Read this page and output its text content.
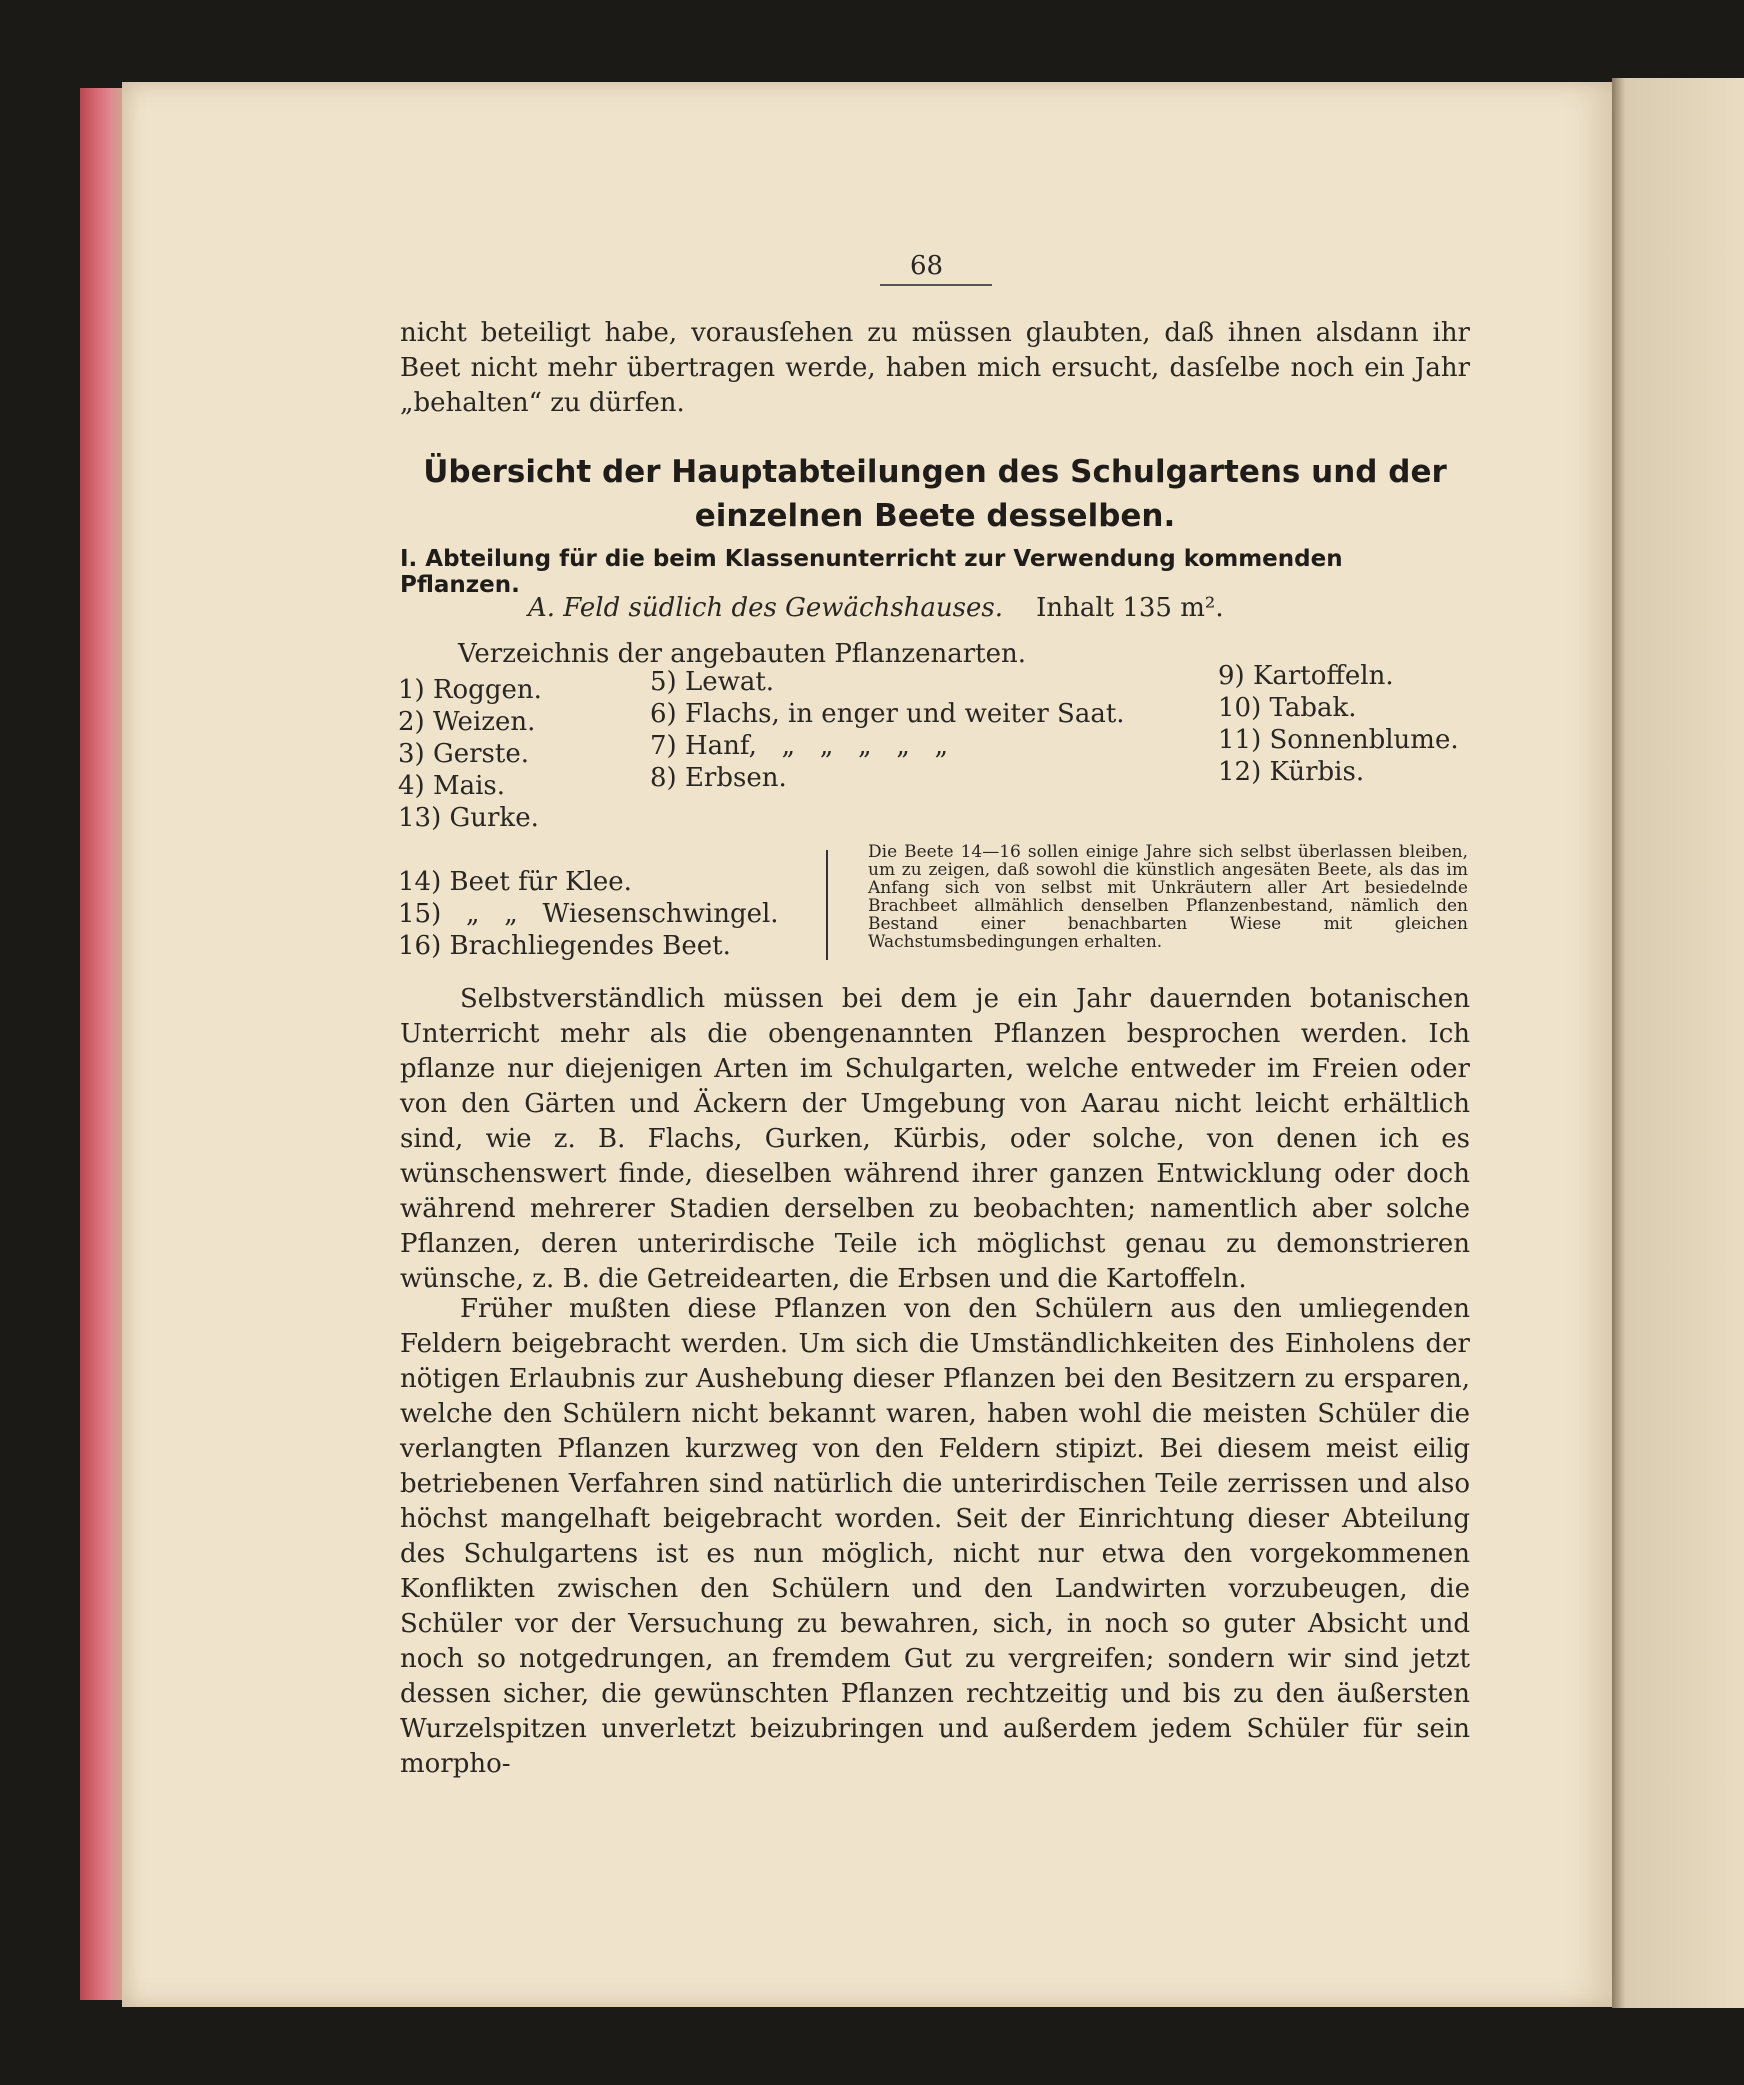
68
nicht beteiligt habe, vorausſehen zu müssen glaubten, daß ihnen alsdann ihr Beet nicht mehr übertragen werde, haben mich ersucht, dasſelbe noch ein Jahr „behalten“ zu dürfen.
Übersicht der Hauptabteilungen des Schulgartens und der
einzelnen Beete desselben.
I. Abteilung für die beim Klassenunterricht zur Verwendung kommenden Pflanzen.
A. Feld südlich des Gewächshauses. Inhalt 135 m².
Verzeichnis der angebauten Pflanzenarten.
1) Roggen.
2) Weizen.
3) Gerste.
4) Mais.
13) Gurke.
5) Lewat.
6) Flachs, in enger und weiter Saat.
7) Hanf,   „   „   „   „   „
8) Erbsen.
9) Kartoffeln.
10) Tabak.
11) Sonnenblume.
12) Kürbis.
14) Beet für Klee.
15)   „   „   Wiesenschwingel.
16) Brachliegendes Beet.
Die Beete 14—16 sollen einige Jahre sich selbst überlassen bleiben, um zu zeigen, daß sowohl die künstlich angesäten Beete, als das im Anfang sich von selbst mit Unkräutern aller Art besiedelnde Brachbeet allmählich denselben Pflanzenbestand, nämlich den Bestand einer benachbarten Wiese mit gleichen Wachstumsbedingungen erhalten.
Selbstverständlich müssen bei dem je ein Jahr dauernden botanischen Unterricht mehr als die obengenannten Pflanzen besprochen werden. Ich pflanze nur diejenigen Arten im Schulgarten, welche entweder im Freien oder von den Gärten und Äckern der Umgebung von Aarau nicht leicht erhältlich sind, wie z. B. Flachs, Gurken, Kürbis, oder solche, von denen ich es wünschenswert finde, dieselben während ihrer ganzen Entwicklung oder doch während mehrerer Stadien derselben zu beobachten; namentlich aber solche Pflanzen, deren unterirdische Teile ich möglichst genau zu demonstrieren wünsche, z. B. die Getreidearten, die Erbsen und die Kartoffeln.
Früher mußten diese Pflanzen von den Schülern aus den umliegenden Feldern beigebracht werden. Um sich die Umständlichkeiten des Einholens der nötigen Erlaubnis zur Aushebung dieser Pflanzen bei den Besitzern zu ersparen, welche den Schülern nicht bekannt waren, haben wohl die meisten Schüler die verlangten Pflanzen kurzweg von den Feldern stipizt. Bei diesem meist eilig betriebenen Verfahren sind natürlich die unterirdischen Teile zerrissen und also höchst mangelhaft beigebracht worden. Seit der Einrichtung dieser Abteilung des Schulgartens ist es nun möglich, nicht nur etwa den vorgekommenen Konflikten zwischen den Schülern und den Landwirten vorzubeugen, die Schüler vor der Versuchung zu bewahren, sich, in noch so guter Absicht und noch so notgedrungen, an fremdem Gut zu vergreifen; sondern wir sind jetzt dessen sicher, die gewünschten Pflanzen rechtzeitig und bis zu den äußersten Wurzelspitzen unverletzt beizubringen und außerdem jedem Schüler für sein morpho-
